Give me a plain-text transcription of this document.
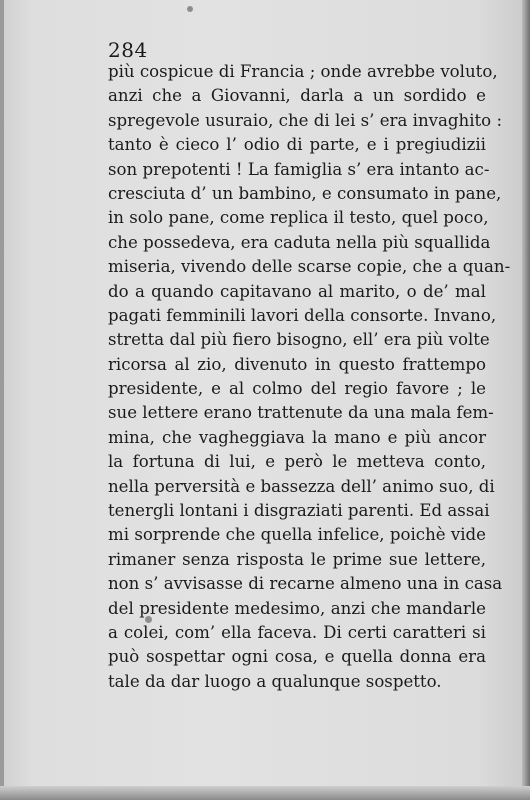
284
più cospicue di Francia ; onde avrebbe voluto,
anzi che a Giovanni, darla a un sordido e
spregevole usuraio, che di lei s’ era invaghito :
tanto è cieco l’ odio di parte, e i pregiudizii
son prepotenti ! La famiglia s’ era intanto ac-
cresciuta d’ un bambino, e consumato in pane,
in solo pane, come replica il testo, quel poco,
che possedeva, era caduta nella più squallida
miseria, vivendo delle scarse copie, che a quan-
do a quando capitavano al marito, o de’ mal
pagati femminili lavori della consorte. Invano,
stretta dal più fiero bisogno, ell’ era più volte
ricorsa al zio, divenuto in questo frattempo
presidente, e al colmo del regio favore ; le
sue lettere erano trattenute da una mala fem-
mina, che vagheggiava la mano e più ancor
la fortuna di lui, e però le metteva conto,
nella perversità e bassezza dell’ animo suo, di
tenergli lontani i disgraziati parenti. Ed assai
mi sorprende che quella infelice, poichè vide
rimaner senza risposta le prime sue lettere,
non s’ avvisasse di recarne almeno una in casa
del presidente medesimo, anzi che mandarle
a colei, com’ ella faceva. Di certi caratteri si
può sospettar ogni cosa, e quella donna era
tale da dar luogo a qualunque sospetto.
